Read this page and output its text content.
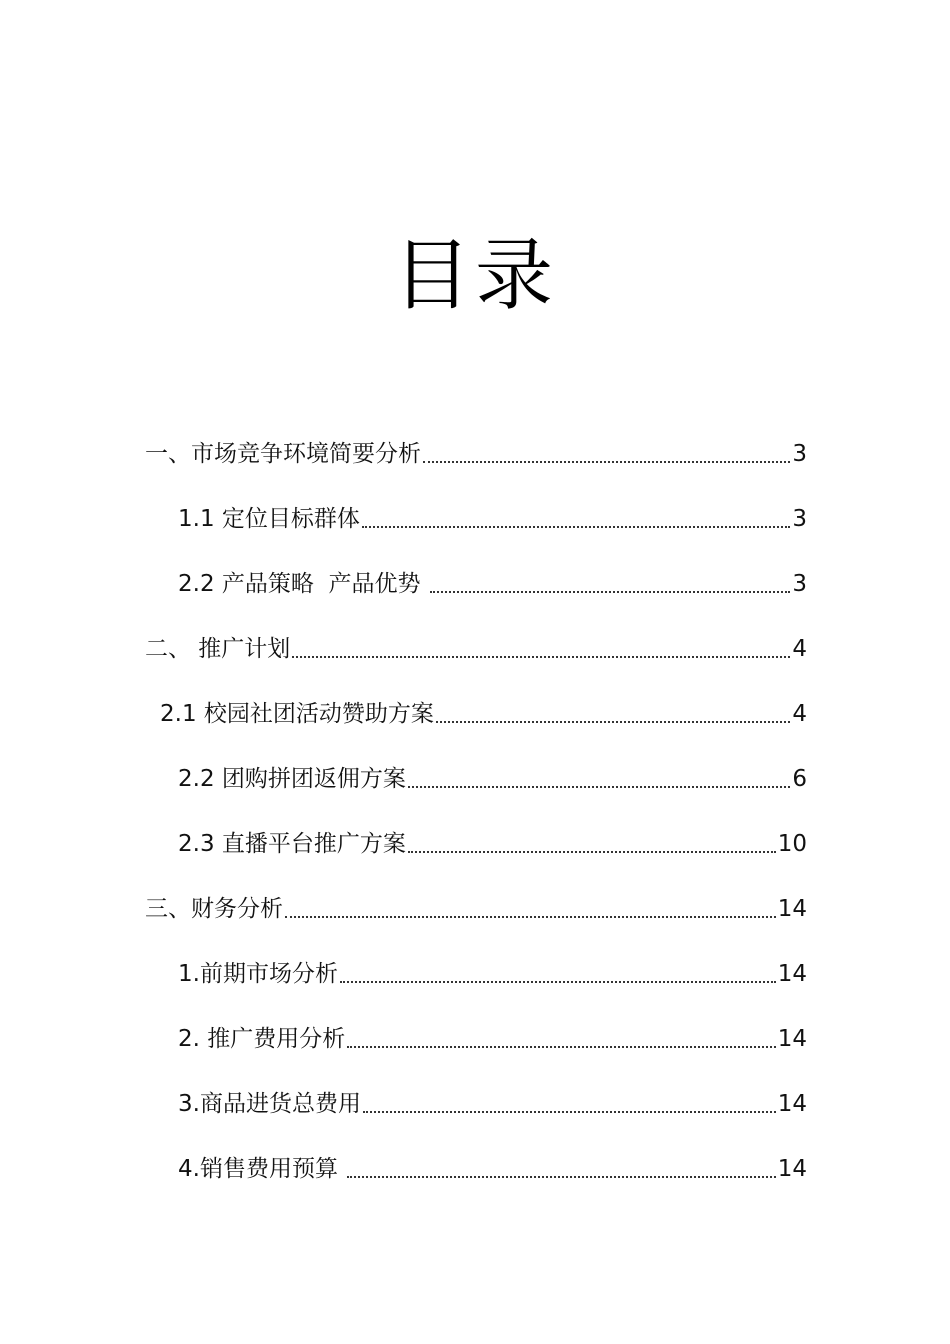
目录
一、市场竞争环境简要分析	3
1.1 定位目标群体	3
2.2 产品策略  产品优势	3
二、 推广计划	4
2.1 校园社团活动赞助方案	4
2.2 团购拼团返佣方案	6
2.3 直播平台推广方案	10
三、财务分析	14
1.前期市场分析	14
2. 推广费用分析	14
3.商品进货总费用	14
4.销售费用预算	14
